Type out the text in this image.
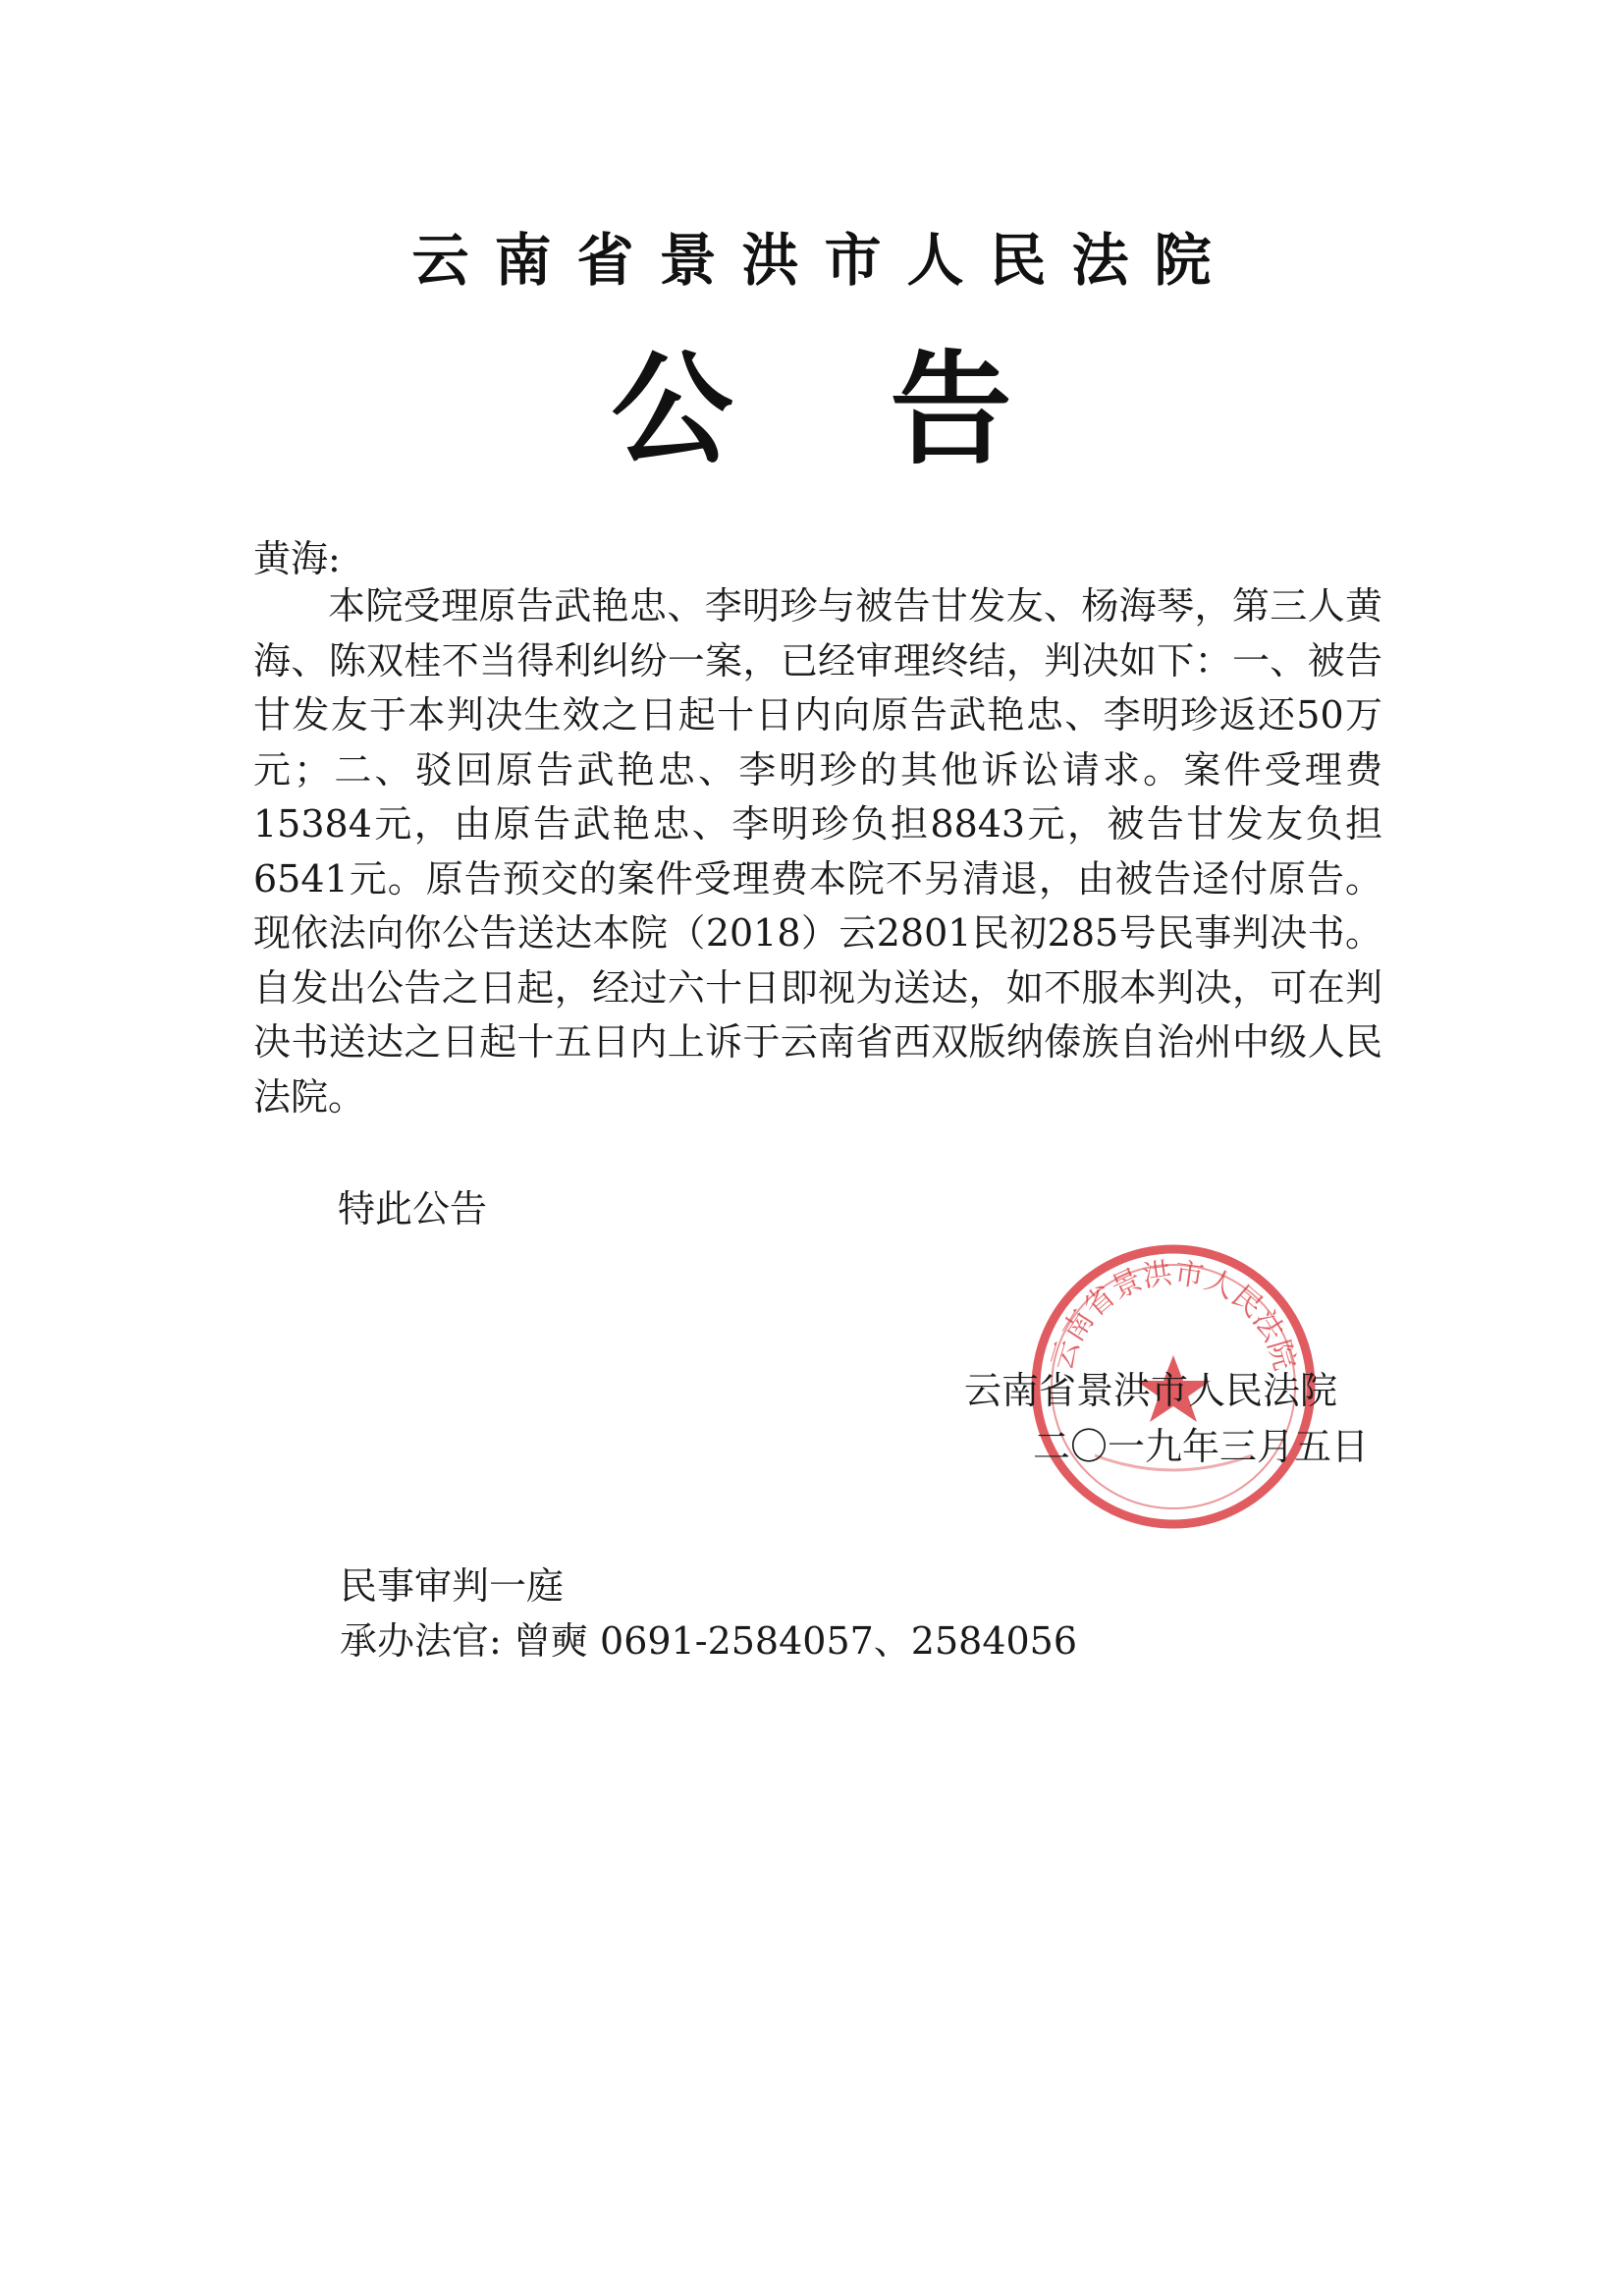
云南省景洪市人民法院
公告
黄海:
本院受理原告武艳忠、李明珍与被告甘发友、杨海琴，第三人黄海、陈双桂不当得利纠纷一案，已经审理终结，判决如下：一、被告甘发友于本判决生效之日起十日内向原告武艳忠、李明珍返还50万元；二、驳回原告武艳忠、李明珍的其他诉讼请求。案件受理费15384元，由原告武艳忠、李明珍负担8843元，被告甘发友负担6541元。原告预交的案件受理费本院不另清退，由被告迳付原告。现依法向你公告送达本院（2018）云2801民初285号民事判决书。自发出公告之日起，经过六十日即视为送达，如不服本判决，可在判决书送达之日起十五日内上诉于云南省西双版纳傣族自治州中级人民法院。
特此公告
云南省景洪市人民法院
云南省景洪市人民法院
二〇一九年三月五日
民事审判一庭
承办法官: 曾奭 0691-2584057、2584056
